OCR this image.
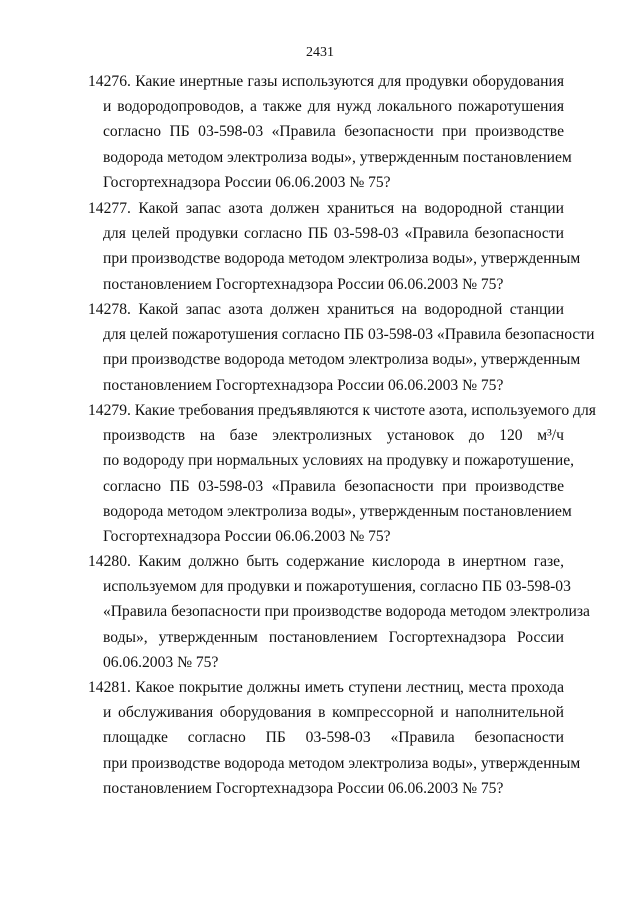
2431
14276. Какие инертные газы используются для продувки оборудования
и водородопроводов, а также для нужд локального пожаротушения
согласно ПБ 03-598-03 «Правила безопасности при производстве
водорода методом электролиза воды», утвержденным постановлением
Госгортехнадзора России 06.06.2003 № 75?
14277. Какой запас азота должен храниться на водородной станции
для целей продувки согласно ПБ 03-598-03 «Правила безопасности
при производстве водорода методом электролиза воды», утвержденным
постановлением Госгортехнадзора России 06.06.2003 № 75?
14278. Какой запас азота должен храниться на водородной станции
для целей пожаротушения согласно ПБ 03-598-03 «Правила безопасности
при производстве водорода методом электролиза воды», утвержденным
постановлением Госгортехнадзора России 06.06.2003 № 75?
14279. Какие требования предъявляются к чистоте азота, используемого для
производств на базе электролизных установок до 120 м³/ч
по водороду при нормальных условиях на продувку и пожаротушение,
согласно ПБ 03-598-03 «Правила безопасности при производстве
водорода методом электролиза воды», утвержденным постановлением
Госгортехнадзора России 06.06.2003 № 75?
14280. Каким должно быть содержание кислорода в инертном газе,
используемом для продувки и пожаротушения, согласно ПБ 03-598-03
«Правила безопасности при производстве водорода методом электролиза
воды», утвержденным постановлением Госгортехнадзора России
06.06.2003 № 75?
14281. Какое покрытие должны иметь ступени лестниц, места прохода
и обслуживания оборудования в компрессорной и наполнительной
площадке согласно ПБ 03-598-03 «Правила безопасности
при производстве водорода методом электролиза воды», утвержденным
постановлением Госгортехнадзора России 06.06.2003 № 75?
